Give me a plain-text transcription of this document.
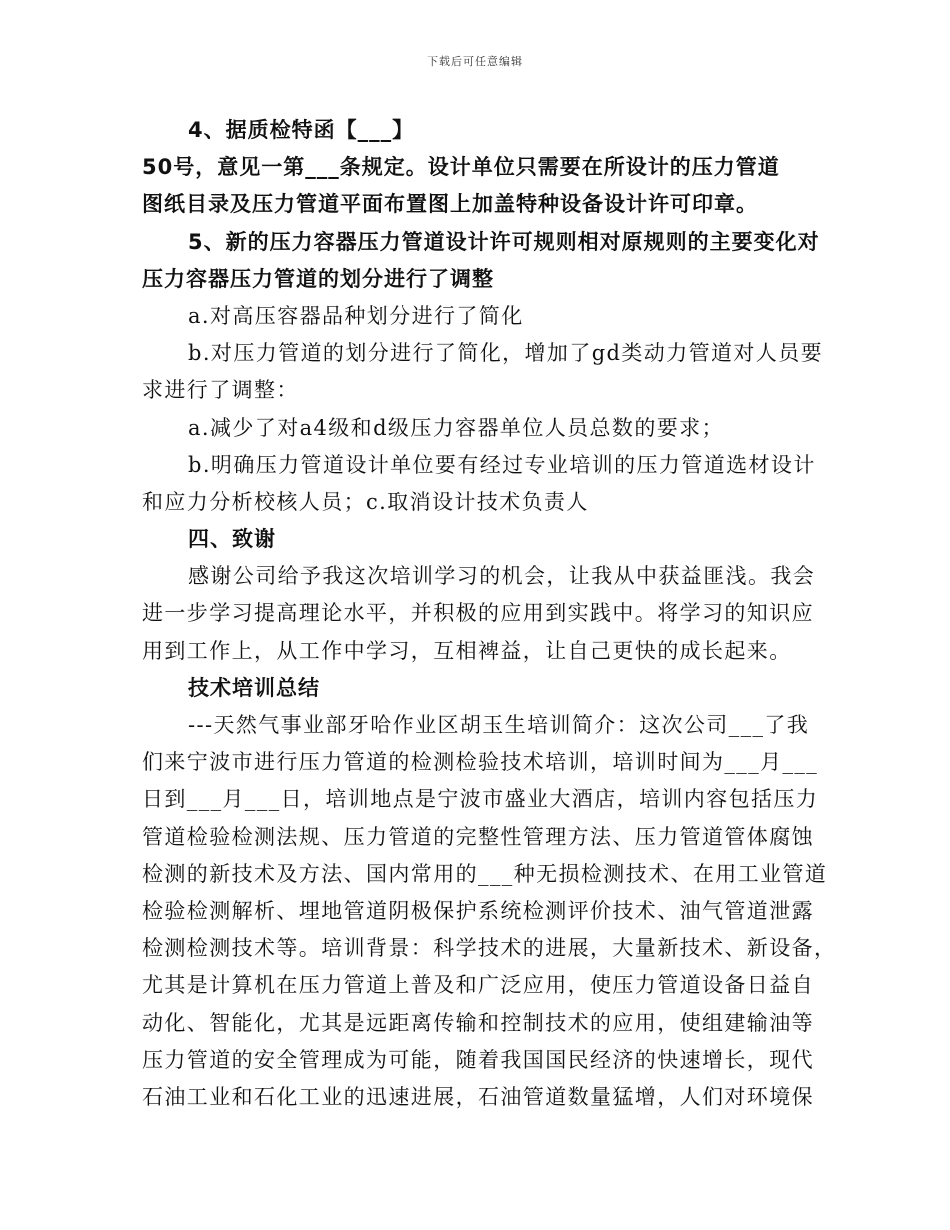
下载后可任意编辑
4、据质检特函【___】
50号，意见一第___条规定。设计单位只需要在所设计的压力管道
图纸目录及压力管道平面布置图上加盖特种设备设计许可印章。
5、新的压力容器压力管道设计许可规则相对原规则的主要变化对
压力容器压力管道的划分进行了调整
a.对高压容器品种划分进行了简化
b.对压力管道的划分进行了简化，增加了gd类动力管道对人员要
求进行了调整：
a.减少了对a4级和d级压力容器单位人员总数的要求；
b.明确压力管道设计单位要有经过专业培训的压力管道选材设计
和应力分析校核人员；c.取消设计技术负责人
四、致谢
感谢公司给予我这次培训学习的机会，让我从中获益匪浅。我会
进一步学习提高理论水平，并积极的应用到实践中。将学习的知识应
用到工作上，从工作中学习，互相裨益，让自己更快的成长起来。
技术培训总结
---天然气事业部牙哈作业区胡玉生培训简介：这次公司___了我
们来宁波市进行压力管道的检测检验技术培训，培训时间为___月___
日到___月___日，培训地点是宁波市盛业大酒店，培训内容包括压力
管道检验检测法规、压力管道的完整性管理方法、压力管道管体腐蚀
检测的新技术及方法、国内常用的___种无损检测技术、在用工业管道
检验检测解析、埋地管道阴极保护系统检测评价技术、油气管道泄露
检测检测技术等。培训背景：科学技术的进展，大量新技术、新设备，
尤其是计算机在压力管道上普及和广泛应用，使压力管道设备日益自
动化、智能化，尤其是远距离传输和控制技术的应用，使组建输油等
压力管道的安全管理成为可能，随着我国国民经济的快速增长，现代
石油工业和石化工业的迅速进展，石油管道数量猛增，人们对环境保
